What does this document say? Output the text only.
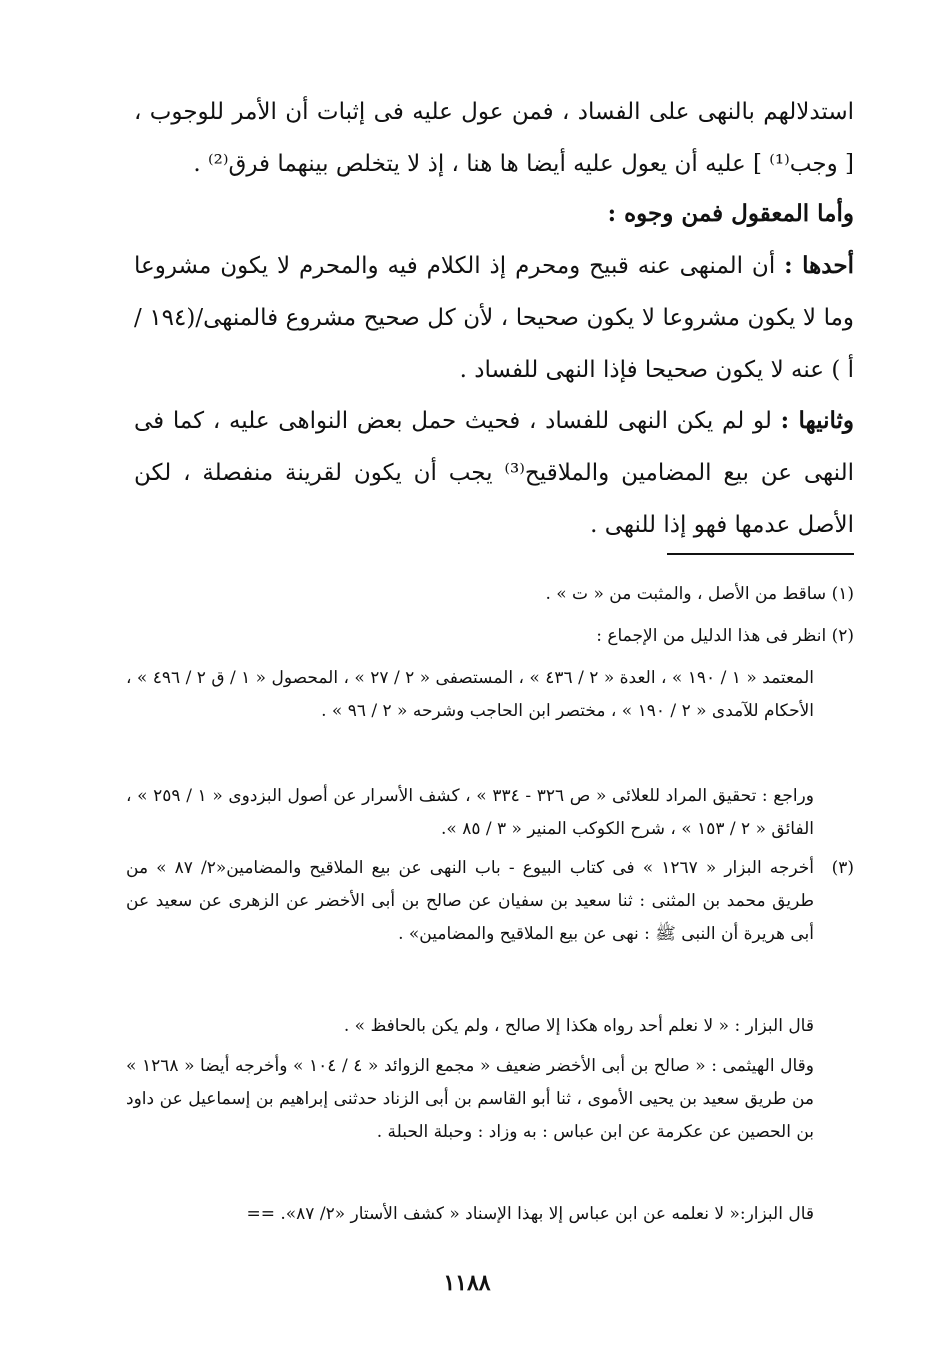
استدلالهم بالنهى على الفساد ، فمن عول عليه فى إثبات أن الأمر للوجوب ، [ وجب⁽¹⁾ ] عليه أن يعول عليه أيضا ها هنا ، إذ لا يتخلص بينهما فرق⁽²⁾ .

وأما المعقول فمن وجوه :

أحدها : أن المنهى عنه قبيح ومحرم إذ الكلام فيه والمحرم لا يكون مشروعا وما لا يكون مشروعا لا يكون صحيحا ، لأن كل صحيح مشروع فالمنهى/(١٩٤ / أ ) عنه لا يكون صحيحا فإذا النهى للفساد .

وثانيها : لو لم يكن النهى للفساد ، فحيث حمل بعض النواهى عليه ، كما فى النهى عن بيع المضامين والملاقيح⁽³⁾ يجب أن يكون لقرينة منفصلة ، لكن الأصل عدمها فهو إذا للنهى .

(١) ساقط من الأصل ، والمثبت من « ت » .

(٢) انظر فى هذا الدليل من الإجماع :

المعتمد « ١ / ١٩٠ » ، العدة « ٢ / ٤٣٦ » ، المستصفى « ٢ / ٢٧ » ، المحصول « ١ / ق ٢ / ٤٩٦ » ، الأحكام للآمدى « ٢ / ١٩٠ » ، مختصر ابن الحاجب وشرحه « ٢ / ٩٦ » .

وراجع : تحقيق المراد للعلائى « ص ٣٢٦ - ٣٣٤ » ، كشف الأسرار عن أصول البزدوى « ١ / ٢٥٩ » ، الفائق « ٢ / ١٥٣ » ، شرح الكوكب المنير « ٣ / ٨٥ ».

(٣)

أخرجه البزار « ١٢٦٧ » فى كتاب البيوع - باب النهى عن بيع الملاقيح والمضامين«٢/ ٨٧ » من طريق محمد بن المثنى : ثنا سعيد بن سفيان عن صالح بن أبى الأخضر عن الزهرى عن سعيد عن أبى هريرة أن النبى ﷺ : نهى عن بيع الملاقيح والمضامين» .

قال البزار : « لا نعلم أحد رواه هكذا إلا صالح ، ولم يكن بالحافظ » .

وقال الهيثمى : « صالح بن أبى الأخضر ضعيف « مجمع الزوائد « ٤ / ١٠٤ » وأخرجه أيضا « ١٢٦٨ » من طريق سعيد بن يحيى الأموى ، ثنا أبو القاسم بن أبى الزناد حدثنى إبراهيم بن إسماعيل عن داود بن الحصين عن عكرمة عن ابن عباس : به وزاد : وحبلة الحبلة .

قال البزار:« لا نعلمه عن ابن عباس إلا بهذا الإسناد « كشف الأستار «٢/ ٨٧». ==

١١٨٨
